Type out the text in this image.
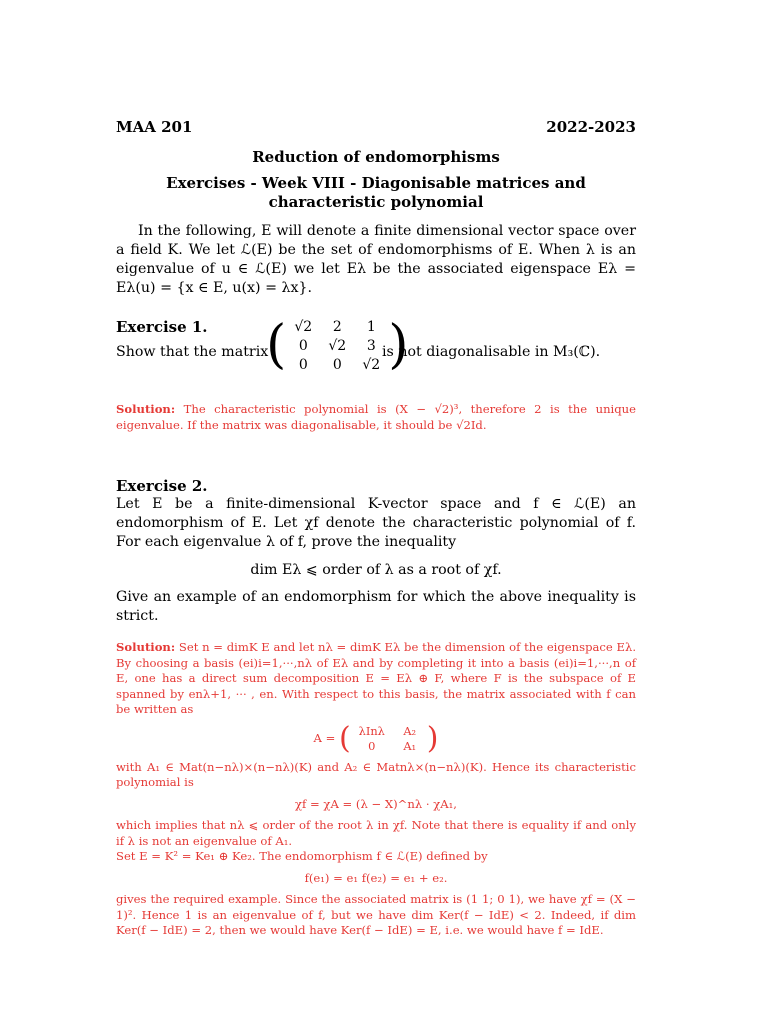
MAA 201	2022-2023
Reduction of endomorphisms
Exercises - Week VIII - Diagonisable matrices and characteristic polynomial
In the following, E will denote a finite dimensional vector space over a field K. We let ℒ(E) be the set of endomorphisms of E. When λ is an eigenvalue of u ∈ ℒ(E) we let Eλ be the associated eigenspace Eλ = Eλ(u) = {x ∈ E, u(x) = λx}.
Exercise 1.
Show that the matrix
( √2	2	1
0	√2	3
0	0	√2 )
is not diagonalisable in M₃(ℂ).
Solution: The characteristic polynomial is (X − √2)³, therefore 2 is the unique eigenvalue. If the matrix was diagonalisable, it should be √2Id.
Exercise 2.
Let E be a finite-dimensional K-vector space and f ∈ ℒ(E) an endomorphism of E. Let χf denote the characteristic polynomial of f. For each eigenvalue λ of f, prove the inequality
dim Eλ ⩽ order of λ as a root of χf.
Give an example of an endomorphism for which the above inequality is strict.
Solution: Set n = dimK E and let nλ = dimK Eλ be the dimension of the eigenspace Eλ. By choosing a basis (ei)i=1,···,nλ of Eλ and by completing it into a basis (ei)i=1,···,n of E, one has a direct sum decomposition E = Eλ ⊕ F, where F is the subspace of E spanned by enλ+1, ··· , en. With respect to this basis, the matrix associated with f can be written as
A = ( λInλ	A₂
0	A₁ )
with A₁ ∈ Mat(n−nλ)×(n−nλ)(K) and A₂ ∈ Matnλ×(n−nλ)(K). Hence its characteristic polynomial is
χf = χA = (λ − X)^nλ · χA₁,
which implies that nλ ⩽ order of the root λ in χf. Note that there is equality if and only if λ is not an eigenvalue of A₁.
Set E = K² = Ke₁ ⊕ Ke₂. The endomorphism f ∈ ℒ(E) defined by
f(e₁) = e₁ f(e₂) = e₁ + e₂.
gives the required example. Since the associated matrix is (1 1; 0 1), we have χf = (X − 1)². Hence 1 is an eigenvalue of f, but we have dim Ker(f − IdE) < 2. Indeed, if dim Ker(f − IdE) = 2, then we would have Ker(f − IdE) = E, i.e. we would have f = IdE.
